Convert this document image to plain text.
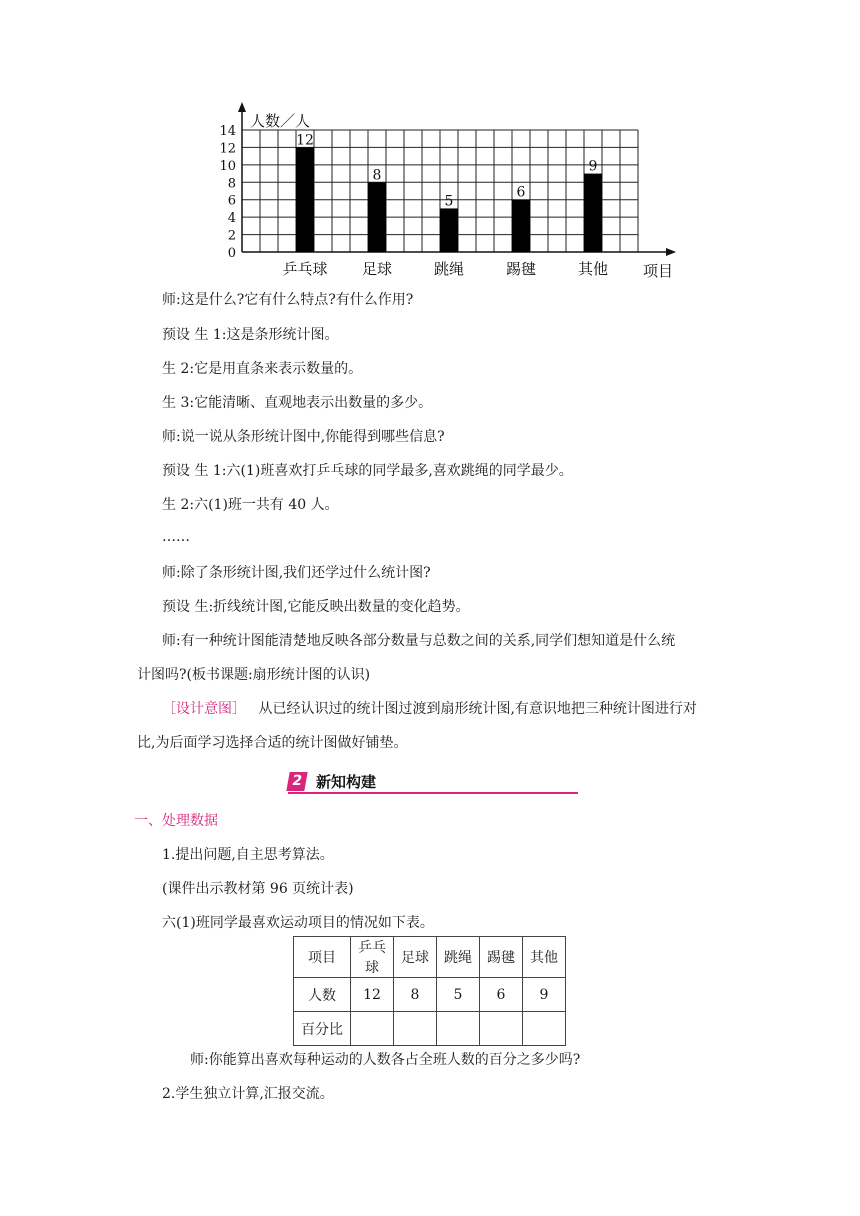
0
2
4
6
8
10
12
14
人数／人
项目
12
乒乓球
8
足球
5
跳绳
6
踢毽
9
其他
师:这是什么?它有什么特点?有什么作用?
预设 生 1:这是条形统计图。
生 2:它是用直条来表示数量的。
生 3:它能清晰、直观地表示出数量的多少。
师:说一说从条形统计图中,你能得到哪些信息?
预设 生 1:六(1)班喜欢打乒乓球的同学最多,喜欢跳绳的同学最少。
生 2:六(1)班一共有 40 人。
……
师:除了条形统计图,我们还学过什么统计图?
预设 生:折线统计图,它能反映出数量的变化趋势。
师:有一种统计图能清楚地反映各部分数量与总数之间的关系,同学们想知道是什么统
计图吗?(板书课题:扇形统计图的认识)
［设计意图］ 从已经认识过的统计图过渡到扇形统计图,有意识地把三种统计图进行对
比,为后面学习选择合适的统计图做好铺垫。
2 新知构建
一、处理数据
1.提出问题,自主思考算法。
(课件出示教材第 96 页统计表)
六(1)班同学最喜欢运动项目的情况如下表。
项目	乒乓球	足球	跳绳	踢毽	其他
人数	12	8	5	6	9
百分比					
师:你能算出喜欢每种运动的人数各占全班人数的百分之多少吗?
2.学生独立计算,汇报交流。
